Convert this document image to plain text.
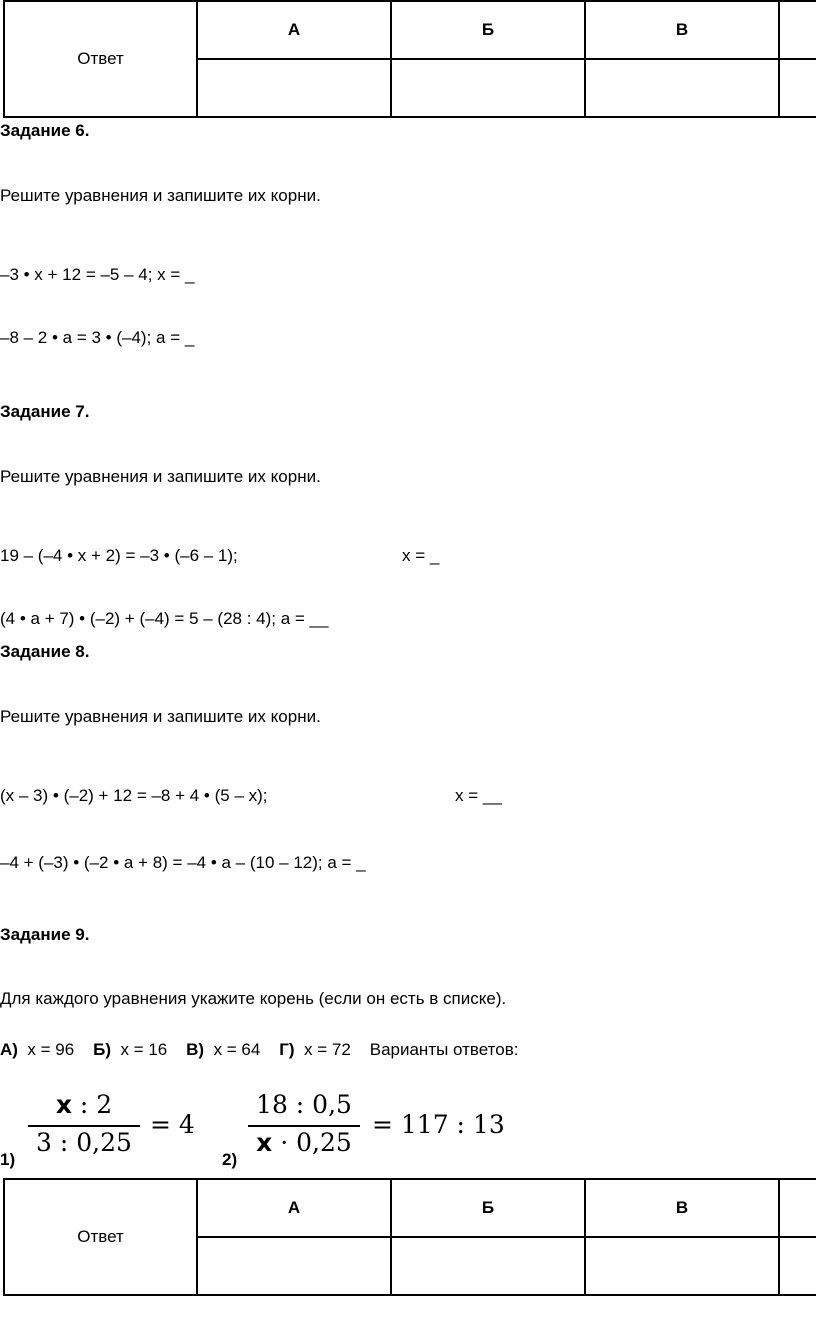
Ответ	А	Б	В	

Задание 6.
Решите уравнения и запишите их корни.
–3 • x + 12 = –5 – 4; x = _
–8 – 2 • a = 3 • (–4); a = _
Задание 7.
Решите уравнения и запишите их корни.
19 – (–4 • x + 2) = –3 • (–6 – 1);	x = _
(4 • a + 7) • (–2) + (–4) = 5 – (28 : 4); a = __
Задание 8.
Решите уравнения и запишите их корни.
(x – 3) • (–2) + 12 = –8 + 4 • (5 – x);	x = __
–4 + (–3) • (–2 • a + 8) = –4 • a – (10 – 12); a = _
Задание 9.
Для каждого уравнения укажите корень (если он есть в списке).
А) x = 96 Б) x = 16 В) x = 64 Г) x = 72 Варианты ответов:
1)
x : 2
3 : 0,25
= 4
2)
18 : 0,5
x · 0,25
= 117 : 13
Ответ	А	Б	В	
